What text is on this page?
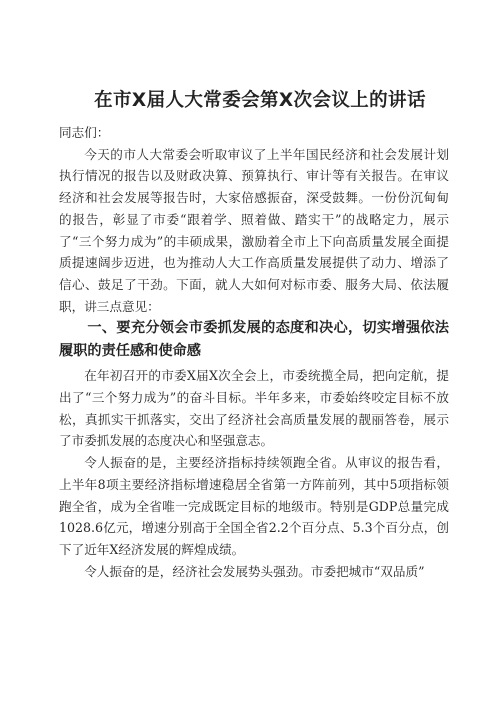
在市X届人大常委会第X次会议上的讲话

同志们：

今天的市人大常委会听取审议了上半年国民经济和社会发展计划执行情况的报告以及财政决算、预算执行、审计等有关报告。在审议经济和社会发展等报告时，大家倍感振奋，深受鼓舞。一份份沉甸甸的报告，彰显了市委“跟着学、照着做、踏实干”的战略定力，展示了“三个努力成为”的丰硕成果，激励着全市上下向高质量发展全面提质提速阔步迈进，也为推动人大工作高质量发展提供了动力、增添了信心、鼓足了干劲。下面，就人大如何对标市委、服务大局、依法履职，讲三点意见：

一、要充分领会市委抓发展的态度和决心，切实增强依法履职的责任感和使命感

在年初召开的市委X届X次全会上，市委统揽全局，把向定航，提出了“三个努力成为”的奋斗目标。半年多来，市委始终咬定目标不放松，真抓实干抓落实，交出了经济社会高质量发展的靓丽答卷，展示了市委抓发展的态度决心和坚强意志。

令人振奋的是，主要经济指标持续领跑全省。从审议的报告看，上半年8项主要经济指标增速稳居全省第一方阵前列，其中5项指标领跑全省，成为全省唯一完成既定目标的地级市。特别是GDP总量完成1028.6亿元，增速分别高于全国全省2.2个百分点、5.3个百分点，创下了近年X经济发展的辉煌成绩。

令人振奋的是，经济社会发展势头强劲。市委把城市“双品质”
